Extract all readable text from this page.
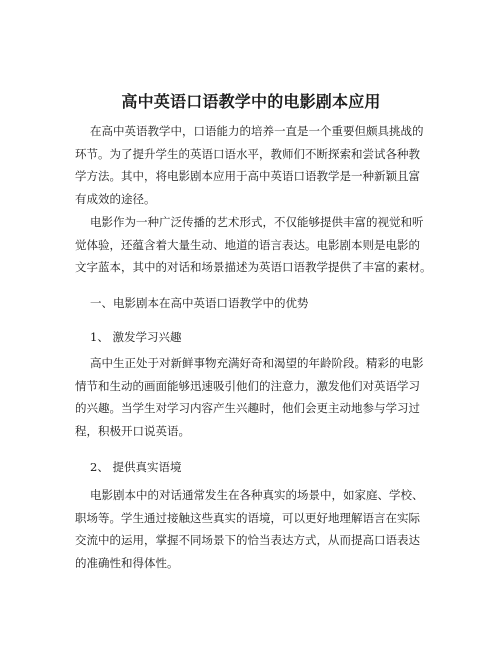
高中英语口语教学中的电影剧本应用
在高中英语教学中，口语能力的培养一直是一个重要但颇具挑战的
环节。为了提升学生的英语口语水平，教师们不断探索和尝试各种教
学方法。其中，将电影剧本应用于高中英语口语教学是一种新颖且富
有成效的途径。
电影作为一种广泛传播的艺术形式，不仅能够提供丰富的视觉和听
觉体验，还蕴含着大量生动、地道的语言表达。电影剧本则是电影的
文字蓝本，其中的对话和场景描述为英语口语教学提供了丰富的素材。
一、电影剧本在高中英语口语教学中的优势
1、 激发学习兴趣
高中生正处于对新鲜事物充满好奇和渴望的年龄阶段。精彩的电影
情节和生动的画面能够迅速吸引他们的注意力，激发他们对英语学习
的兴趣。当学生对学习内容产生兴趣时，他们会更主动地参与学习过
程，积极开口说英语。
2、 提供真实语境
电影剧本中的对话通常发生在各种真实的场景中，如家庭、学校、
职场等。学生通过接触这些真实的语境，可以更好地理解语言在实际
交流中的运用，掌握不同场景下的恰当表达方式，从而提高口语表达
的准确性和得体性。
